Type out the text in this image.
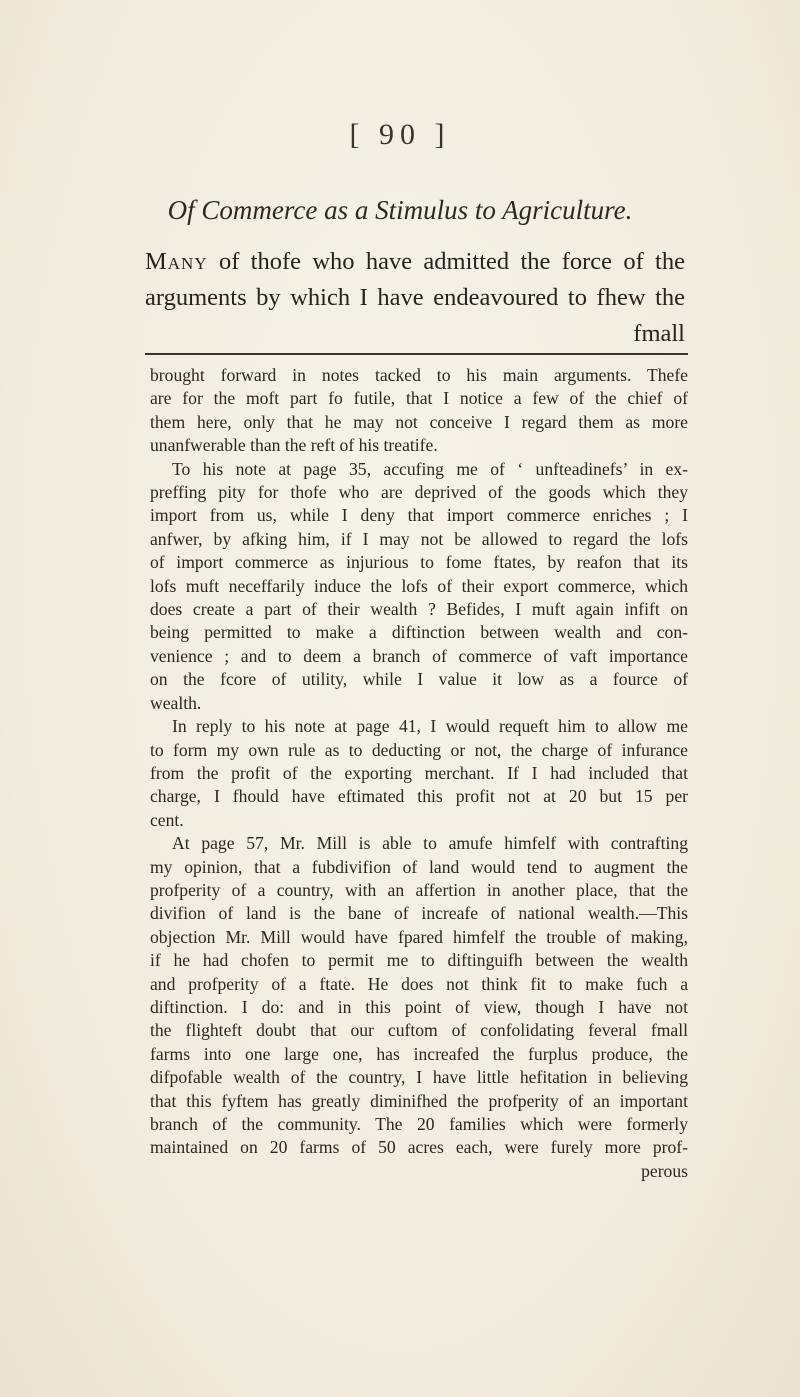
[ 90 ]
Of Commerce as a Stimulus to Agriculture.
Many of thofe who have admitted the force of the
arguments by which I have endeavoured to fhew the
fmall
brought forward in notes tacked to his main arguments. Thefe
are for the moft part fo futile, that I notice a few of the chief of
them here, only that he may not conceive I regard them as more
unanfwerable than the reft of his treatife.
To his note at page 35, accufing me of ‘ unfteadinefs’ in ex-
preffing pity for thofe who are deprived of the goods which they
import from us, while I deny that import commerce enriches ; I
anfwer, by afking him, if I may not be allowed to regard the lofs
of import commerce as injurious to fome ftates, by reafon that its
lofs muft neceffarily induce the lofs of their export commerce, which
does create a part of their wealth ? Befides, I muft again infift on
being permitted to make a diftinction between wealth and con-
venience ; and to deem a branch of commerce of vaft importance
on the fcore of utility, while I value it low as a fource of
wealth.
In reply to his note at page 41, I would requeft him to allow me
to form my own rule as to deducting or not, the charge of infurance
from the profit of the exporting merchant. If I had included that
charge, I fhould have eftimated this profit not at 20 but 15 per
cent.
At page 57, Mr. Mill is able to amufe himfelf with contrafting
my opinion, that a fubdivifion of land would tend to augment the
profperity of a country, with an affertion in another place, that the
divifion of land is the bane of increafe of national wealth.—This
objection Mr. Mill would have fpared himfelf the trouble of making,
if he had chofen to permit me to diftinguifh between the wealth
and profperity of a ftate. He does not think fit to make fuch a
diftinction. I do: and in this point of view, though I have not
the flighteft doubt that our cuftom of confolidating feveral fmall
farms into one large one, has increafed the furplus produce, the
difpofable wealth of the country, I have little hefitation in believing
that this fyftem has greatly diminifhed the profperity of an important
branch of the community. The 20 families which were formerly
maintained on 20 farms of 50 acres each, were furely more prof-
perous
